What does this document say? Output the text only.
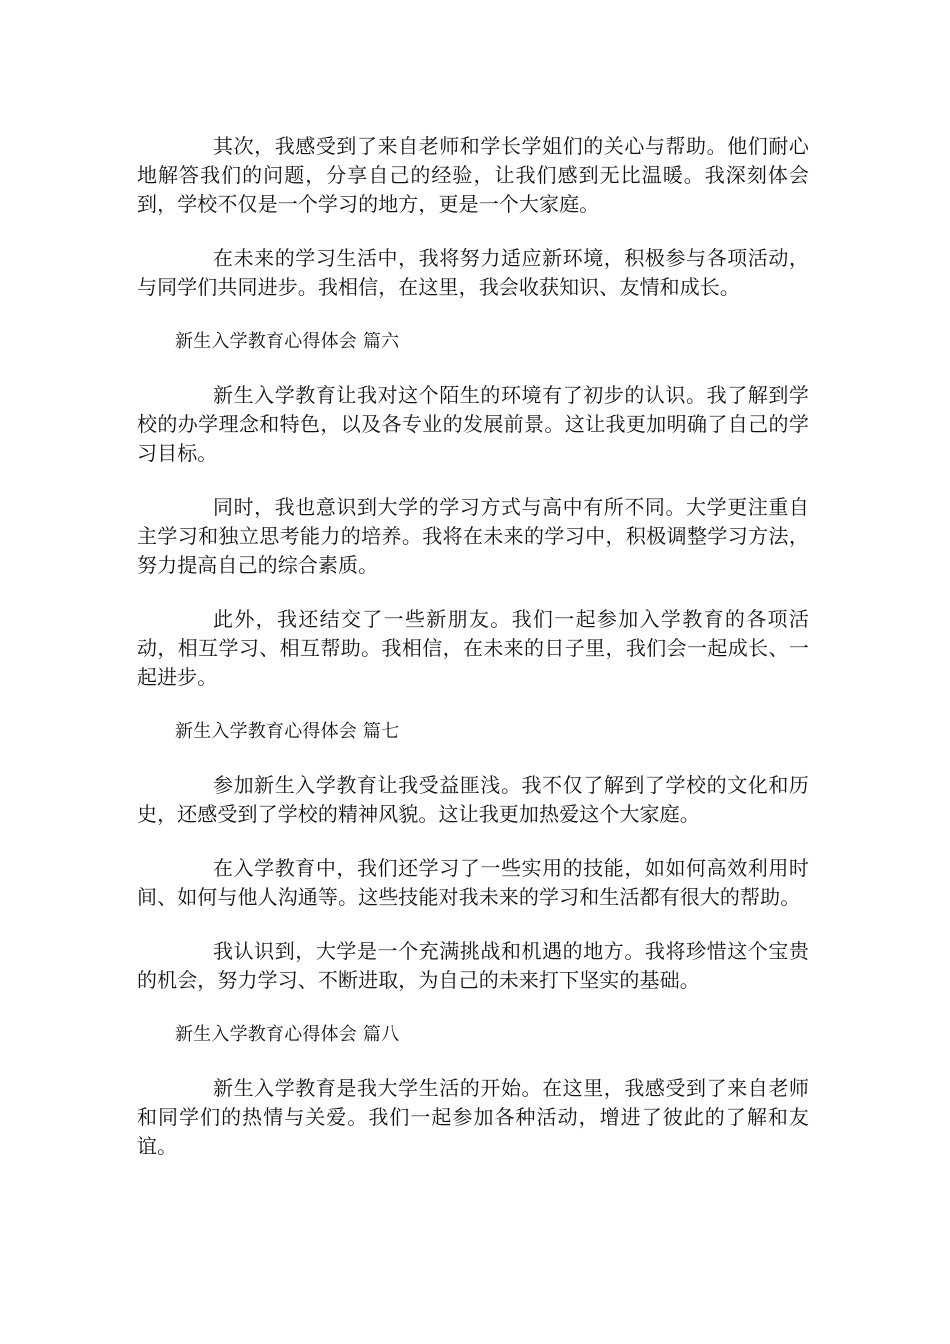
其次，我感受到了来自老师和学长学姐们的关心与帮助。他们耐心地解答我们的问题，分享自己的经验，让我们感到无比温暖。我深刻体会到，学校不仅是一个学习的地方，更是一个大家庭。

在未来的学习生活中，我将努力适应新环境，积极参与各项活动，与同学们共同进步。我相信，在这里，我会收获知识、友情和成长。

新生入学教育心得体会 篇六

新生入学教育让我对这个陌生的环境有了初步的认识。我了解到学校的办学理念和特色，以及各专业的发展前景。这让我更加明确了自己的学习目标。

同时，我也意识到大学的学习方式与高中有所不同。大学更注重自主学习和独立思考能力的培养。我将在未来的学习中，积极调整学习方法，努力提高自己的综合素质。

此外，我还结交了一些新朋友。我们一起参加入学教育的各项活动，相互学习、相互帮助。我相信，在未来的日子里，我们会一起成长、一起进步。

新生入学教育心得体会 篇七

参加新生入学教育让我受益匪浅。我不仅了解到了学校的文化和历史，还感受到了学校的精神风貌。这让我更加热爱这个大家庭。

在入学教育中，我们还学习了一些实用的技能，如如何高效利用时间、如何与他人沟通等。这些技能对我未来的学习和生活都有很大的帮助。

我认识到，大学是一个充满挑战和机遇的地方。我将珍惜这个宝贵的机会，努力学习、不断进取，为自己的未来打下坚实的基础。

新生入学教育心得体会 篇八

新生入学教育是我大学生活的开始。在这里，我感受到了来自老师和同学们的热情与关爱。我们一起参加各种活动，增进了彼此的了解和友谊。
